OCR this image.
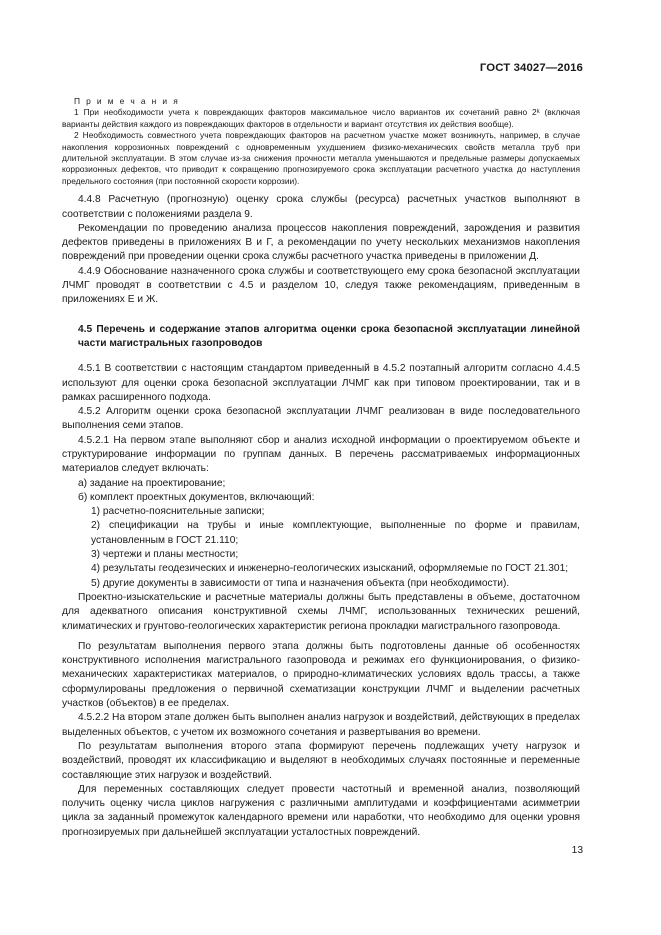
ГОСТ 34027—2016

П р и м е ч а н и я

1 При необходимости учета к повреждающих факторов максимальное число вариантов их сочетаний равно 2ᵏ (включая варианты действия каждого из повреждающих факторов в отдельности и вариант отсутствия их действия вообще).

2 Необходимость совместного учета повреждающих факторов на расчетном участке может возникнуть, например, в случае накопления коррозионных повреждений с одновременным ухудшением физико-механических свойств металла труб при длительной эксплуатации. В этом случае из-за снижения прочности металла уменьшаются и предельные размеры допускаемых коррозионных дефектов, что приводит к сокращению прогнозируемого срока эксплуатации расчетного участка до наступления предельного состояния (при постоянной скорости коррозии).

4.4.8 Расчетную (прогнозную) оценку срока службы (ресурса) расчетных участков выполняют в соответствии с положениями раздела 9.

Рекомендации по проведению анализа процессов накопления повреждений, зарождения и развития дефектов приведены в приложениях В и Г, а рекомендации по учету нескольких механизмов накопления повреждений при проведении оценки срока службы расчетного участка приведены в приложении Д.

4.4.9 Обоснование назначенного срока службы и соответствующего ему срока безопасной эксплуатации ЛЧМГ проводят в соответствии с 4.5 и разделом 10, следуя также рекомендациям, приведенным в приложениях Е и Ж.

4.5 Перечень и содержание этапов алгоритма оценки срока безопасной эксплуатации линейной части магистральных газопроводов

4.5.1 В соответствии с настоящим стандартом приведенный в 4.5.2 поэтапный алгоритм согласно 4.4.5 используют для оценки срока безопасной эксплуатации ЛЧМГ как при типовом проектировании, так и в рамках расширенного подхода.

4.5.2 Алгоритм оценки срока безопасной эксплуатации ЛЧМГ реализован в виде последовательного выполнения семи этапов.

4.5.2.1 На первом этапе выполняют сбор и анализ исходной информации о проектируемом объекте и структурирование информации по группам данных. В перечень рассматриваемых информационных материалов следует включать:

а) задание на проектирование;

б) комплект проектных документов, включающий:

1) расчетно-пояснительные записки;

2) спецификации на трубы и иные комплектующие, выполненные по форме и правилам, установленным в ГОСТ 21.110;

3) чертежи и планы местности;

4) результаты геодезических и инженерно-геологических изысканий, оформляемые по ГОСТ 21.301;

5) другие документы в зависимости от типа и назначения объекта (при необходимости).

Проектно-изыскательские и расчетные материалы должны быть представлены в объеме, достаточном для адекватного описания конструктивной схемы ЛЧМГ, использованных технических решений, климатических и грунтово-геологических характеристик региона прокладки магистрального газопровода.

По результатам выполнения первого этапа должны быть подготовлены данные об особенностях конструктивного исполнения магистрального газопровода и режимах его функционирования, о физико-механических характеристиках материалов, о природно-климатических условиях вдоль трассы, а также сформулированы предложения о первичной схематизации конструкции ЛЧМГ и выделении расчетных участков (объектов) в ее пределах.

4.5.2.2 На втором этапе должен быть выполнен анализ нагрузок и воздействий, действующих в пределах выделенных объектов, с учетом их возможного сочетания и развертывания во времени.

По результатам выполнения второго этапа формируют перечень подлежащих учету нагрузок и воздействий, проводят их классификацию и выделяют в необходимых случаях постоянные и переменные составляющие этих нагрузок и воздействий.

Для переменных составляющих следует провести частотный и временной анализ, позволяющий получить оценку числа циклов нагружения с различными амплитудами и коэффициентами асимметрии цикла за заданный промежуток календарного времени или наработки, что необходимо для оценки уровня прогнозируемых при дальнейшей эксплуатации усталостных повреждений.

13
